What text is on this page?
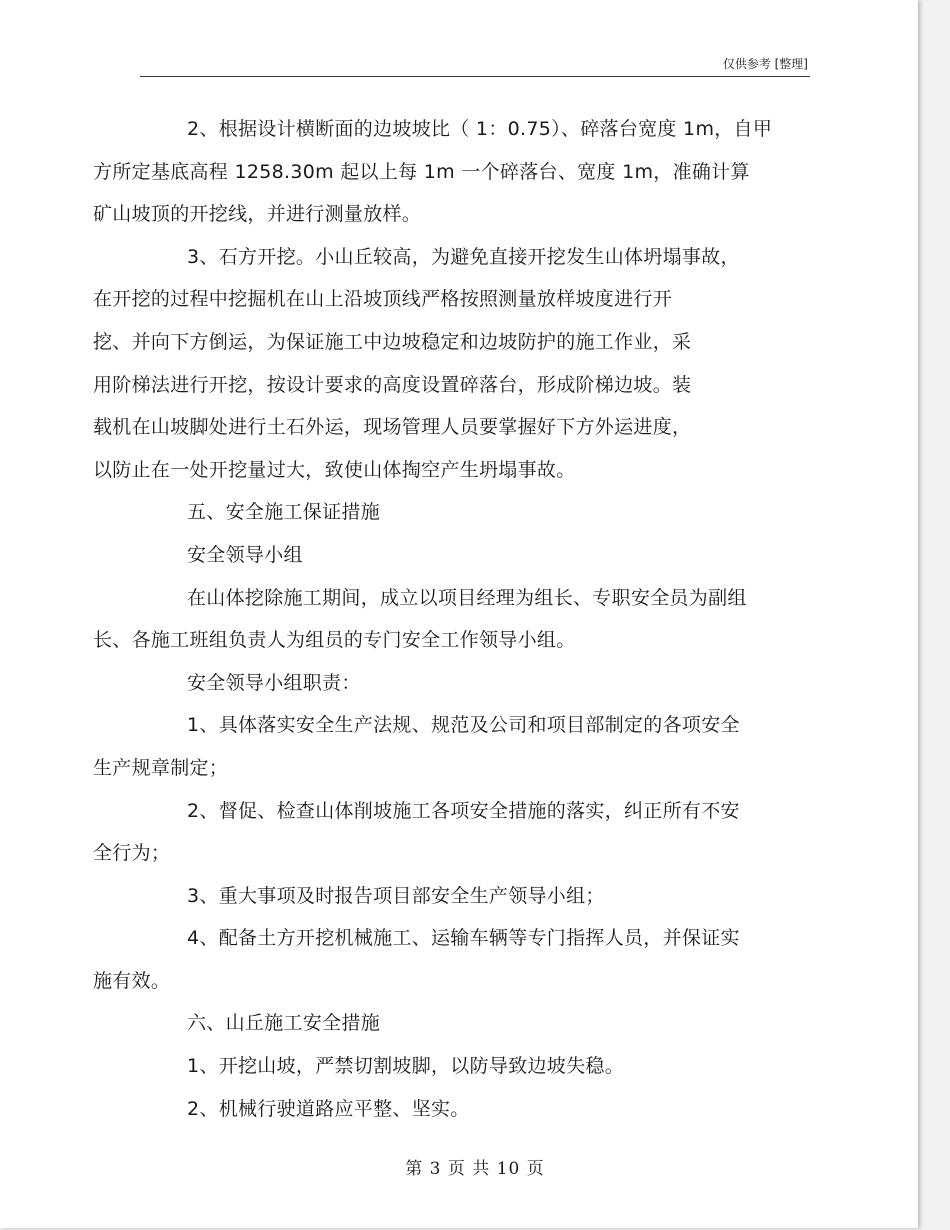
仅供参考 [整理]

2、根据设计横断面的边坡坡比（ 1：0.75）、碎落台宽度 1m，自甲
方所定基底高程 1258.30m 起以上每 1m 一个碎落台、宽度 1m，准确计算
矿山坡顶的开挖线，并进行测量放样。

3、石方开挖。小山丘较高，为避免直接开挖发生山体坍塌事故，
在开挖的过程中挖掘机在山上沿坡顶线严格按照测量放样坡度进行开
挖、并向下方倒运，为保证施工中边坡稳定和边坡防护的施工作业，采
用阶梯法进行开挖，按设计要求的高度设置碎落台，形成阶梯边坡。装
载机在山坡脚处进行土石外运，现场管理人员要掌握好下方外运进度，
以防止在一处开挖量过大，致使山体掏空产生坍塌事故。

五、安全施工保证措施

安全领导小组

在山体挖除施工期间，成立以项目经理为组长、专职安全员为副组
长、各施工班组负责人为组员的专门安全工作领导小组。

安全领导小组职责：

1、具体落实安全生产法规、规范及公司和项目部制定的各项安全
生产规章制定；

2、督促、检查山体削坡施工各项安全措施的落实，纠正所有不安
全行为；

3、重大事项及时报告项目部安全生产领导小组；

4、配备土方开挖机械施工、运输车辆等专门指挥人员，并保证实
施有效。

六、山丘施工安全措施

1、开挖山坡，严禁切割坡脚，以防导致边坡失稳。

2、机械行驶道路应平整、坚实。

第 3 页 共 10 页
